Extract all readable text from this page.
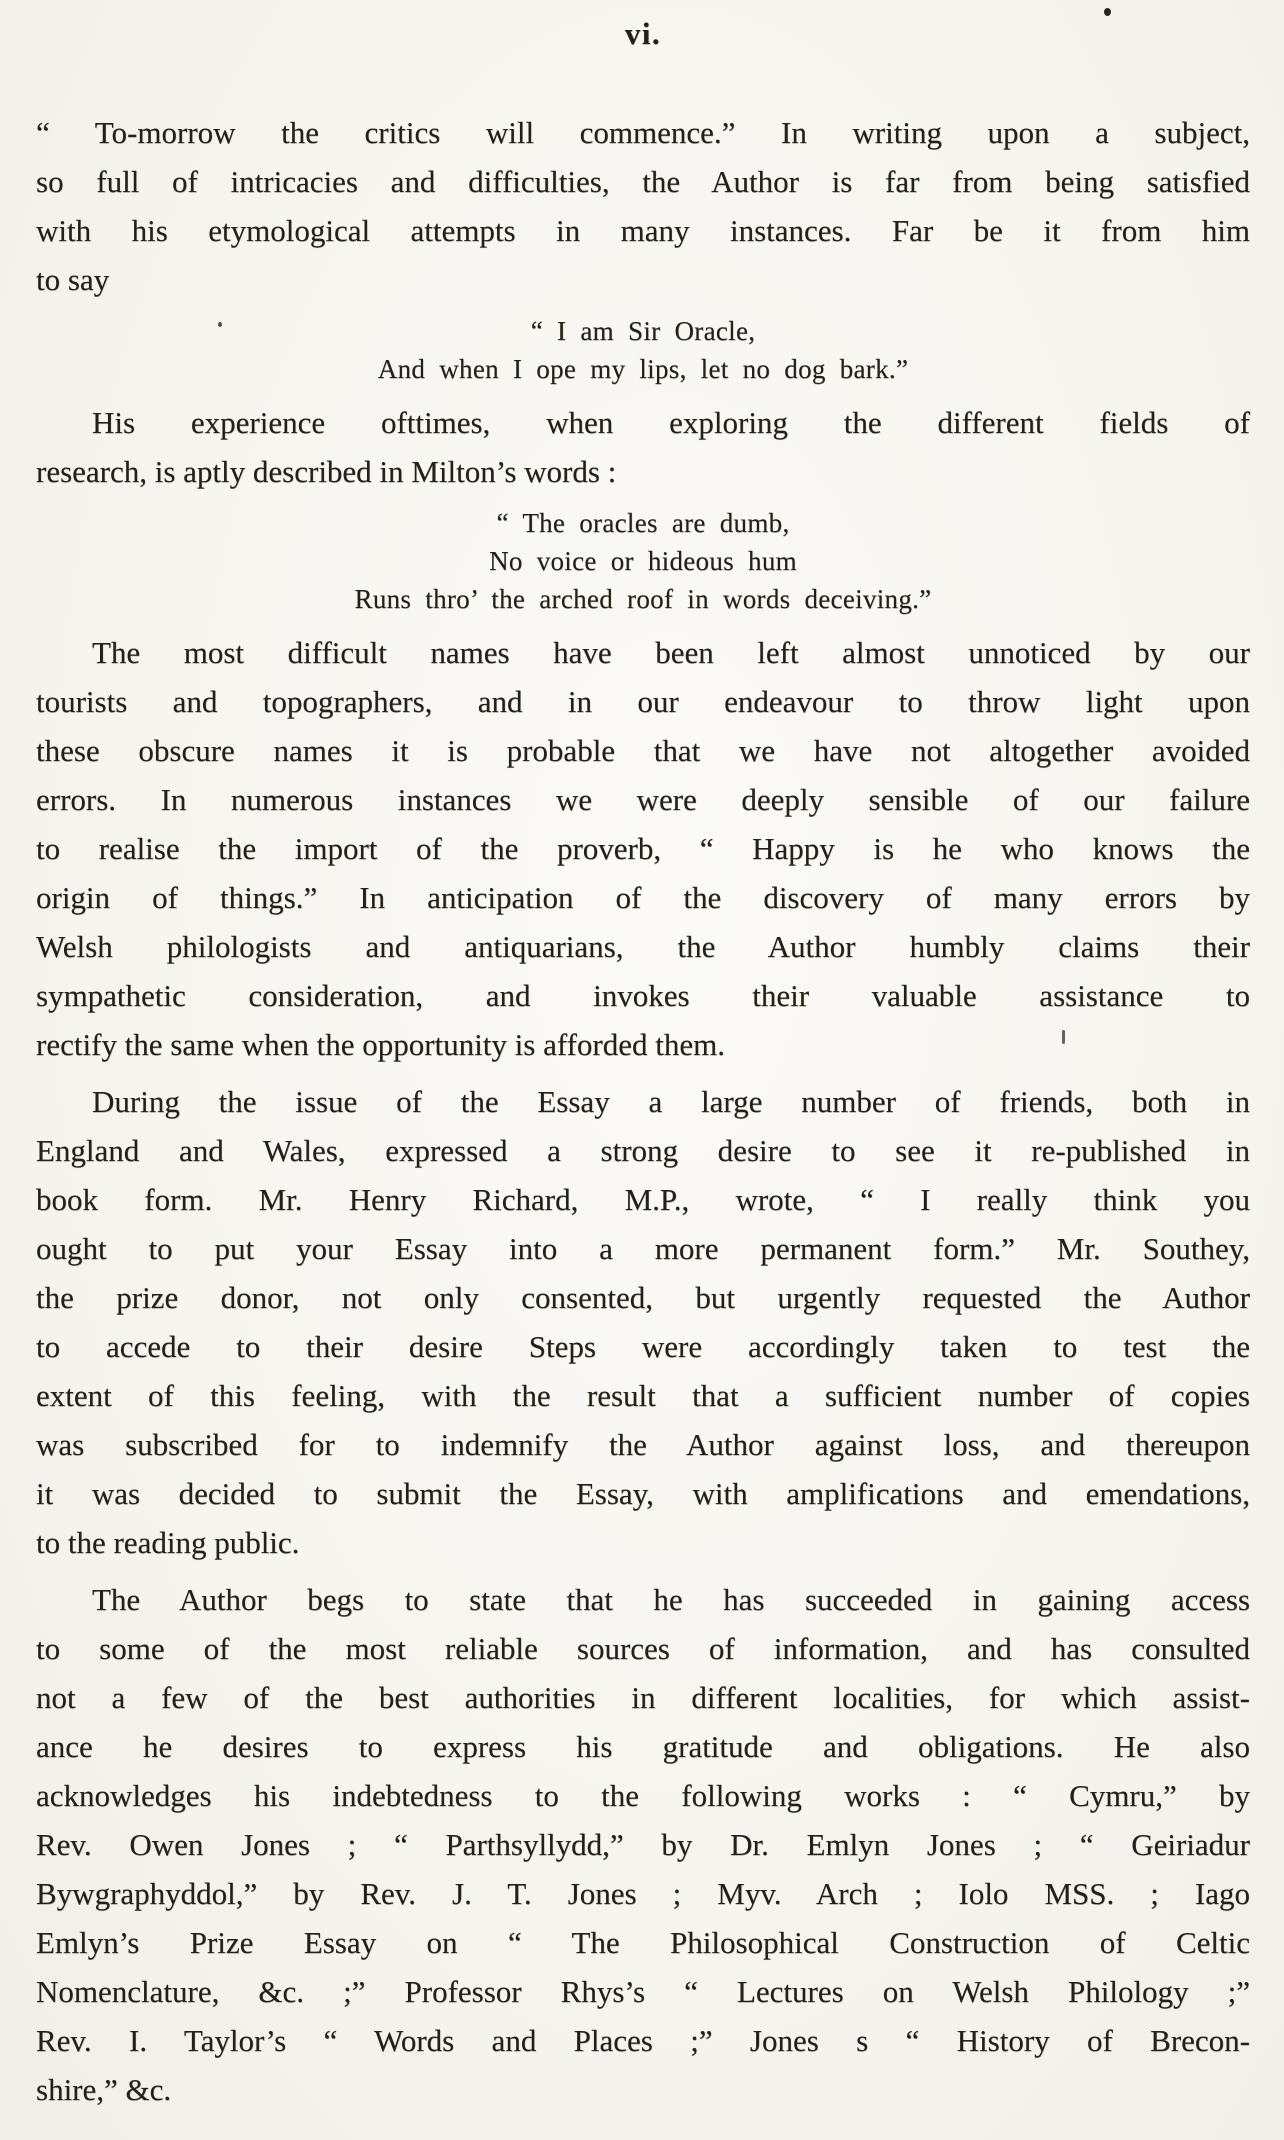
vi.
“ To-morrow the critics will commence.” In writing upon a subject,
so full of intricacies and difficulties, the Author is far from being satisfied
with his etymological attempts in many instances. Far be it from him
to say
“ I am Sir Oracle,
And when I ope my lips, let no dog bark.”
His experience ofttimes, when exploring the different fields of
research, is aptly described in Milton’s words :
“ The oracles are dumb,
No voice or hideous hum
Runs thro’ the arched roof in words deceiving.”
The most difficult names have been left almost unnoticed by our
tourists and topographers, and in our endeavour to throw light upon
these obscure names it is probable that we have not altogether avoided
errors. In numerous instances we were deeply sensible of our failure
to realise the import of the proverb, “ Happy is he who knows the
origin of things.” In anticipation of the discovery of many errors by
Welsh philologists and antiquarians, the Author humbly claims their
sympathetic consideration, and invokes their valuable assistance to
rectify the same when the opportunity is afforded them.
During the issue of the Essay a large number of friends, both in
England and Wales, expressed a strong desire to see it re-published in
book form. Mr. Henry Richard, M.P., wrote, “ I really think you
ought to put your Essay into a more permanent form.” Mr. Southey,
the prize donor, not only consented, but urgently requested the Author
to accede to their desire Steps were accordingly taken to test the
extent of this feeling, with the result that a sufficient number of copies
was subscribed for to indemnify the Author against loss, and thereupon
it was decided to submit the Essay, with amplifications and emendations,
to the reading public.
The Author begs to state that he has succeeded in gaining access
to some of the most reliable sources of information, and has consulted
not a few of the best authorities in different localities, for which assist-
ance he desires to express his gratitude and obligations. He also
acknowledges his indebtedness to the following works : “ Cymru,” by
Rev. Owen Jones ; “ Parthsyllydd,” by Dr. Emlyn Jones ; “ Geiriadur
Bywgraphyddol,” by Rev. J. T. Jones ; Myv. Arch ; Iolo MSS. ; Iago
Emlyn’s Prize Essay on “ The Philosophical Construction of Celtic
Nomenclature, &c. ;” Professor Rhys’s “ Lectures on Welsh Philology ;”
Rev. I. Taylor’s “ Words and Places ;” Jones s “ History of Brecon-
shire,” &c.
